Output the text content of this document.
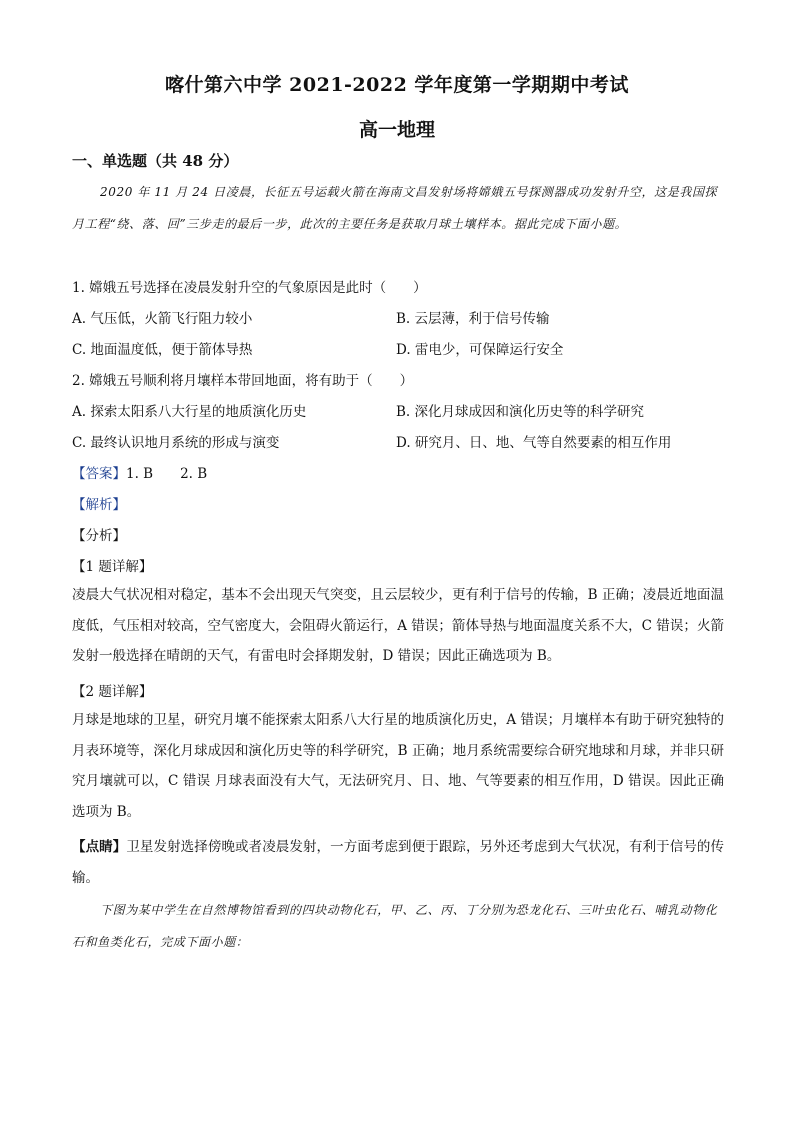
喀什第六中学 2021-2022 学年度第一学期期中考试
高一地理
一、单选题（共 48 分）
2020 年 11 月 24 日凌晨，长征五号运载火箭在海南文昌发射场将嫦娥五号探测器成功发射升空，这是我国探月工程“绕、落、回”三步走的最后一步，此次的主要任务是获取月球土壤样本。据此完成下面小题。
1. 嫦娥五号选择在凌晨发射升空的气象原因是此时（　　）
A. 气压低，火箭飞行阻力较小	B. 云层薄，利于信号传输
C. 地面温度低，便于箭体导热	D. 雷电少，可保障运行安全
2. 嫦娥五号顺利将月壤样本带回地面，将有助于（　　）
A. 探索太阳系八大行星的地质演化历史	B. 深化月球成因和演化历史等的科学研究
C. 最终认识地月系统的形成与演变	D. 研究月、日、地、气等自然要素的相互作用
【答案】1. B　　2. B
【解析】
【分析】
【1 题详解】
凌晨大气状况相对稳定，基本不会出现天气突变，且云层较少，更有利于信号的传输，B 正确；凌晨近地面温度低，气压相对较高，空气密度大，会阻碍火箭运行，A 错误；箭体导热与地面温度关系不大，C 错误；火箭发射一般选择在晴朗的天气，有雷电时会择期发射，D 错误；因此正确选项为 B。
【2 题详解】
月球是地球的卫星，研究月壤不能探索太阳系八大行星的地质演化历史，A 错误；月壤样本有助于研究独特的月表环境等，深化月球成因和演化历史等的科学研究，B 正确；地月系统需要综合研究地球和月球，并非只研究月壤就可以，C 错误 月球表面没有大气，无法研究月、日、地、气等要素的相互作用，D 错误。因此正确选项为 B。
【点睛】卫星发射选择傍晚或者凌晨发射，一方面考虑到便于跟踪，另外还考虑到大气状况，有利于信号的传输。
下图为某中学生在自然博物馆看到的四块动物化石，甲、乙、丙、丁分别为恐龙化石、三叶虫化石、哺乳动物化石和鱼类化石，完成下面小题：
